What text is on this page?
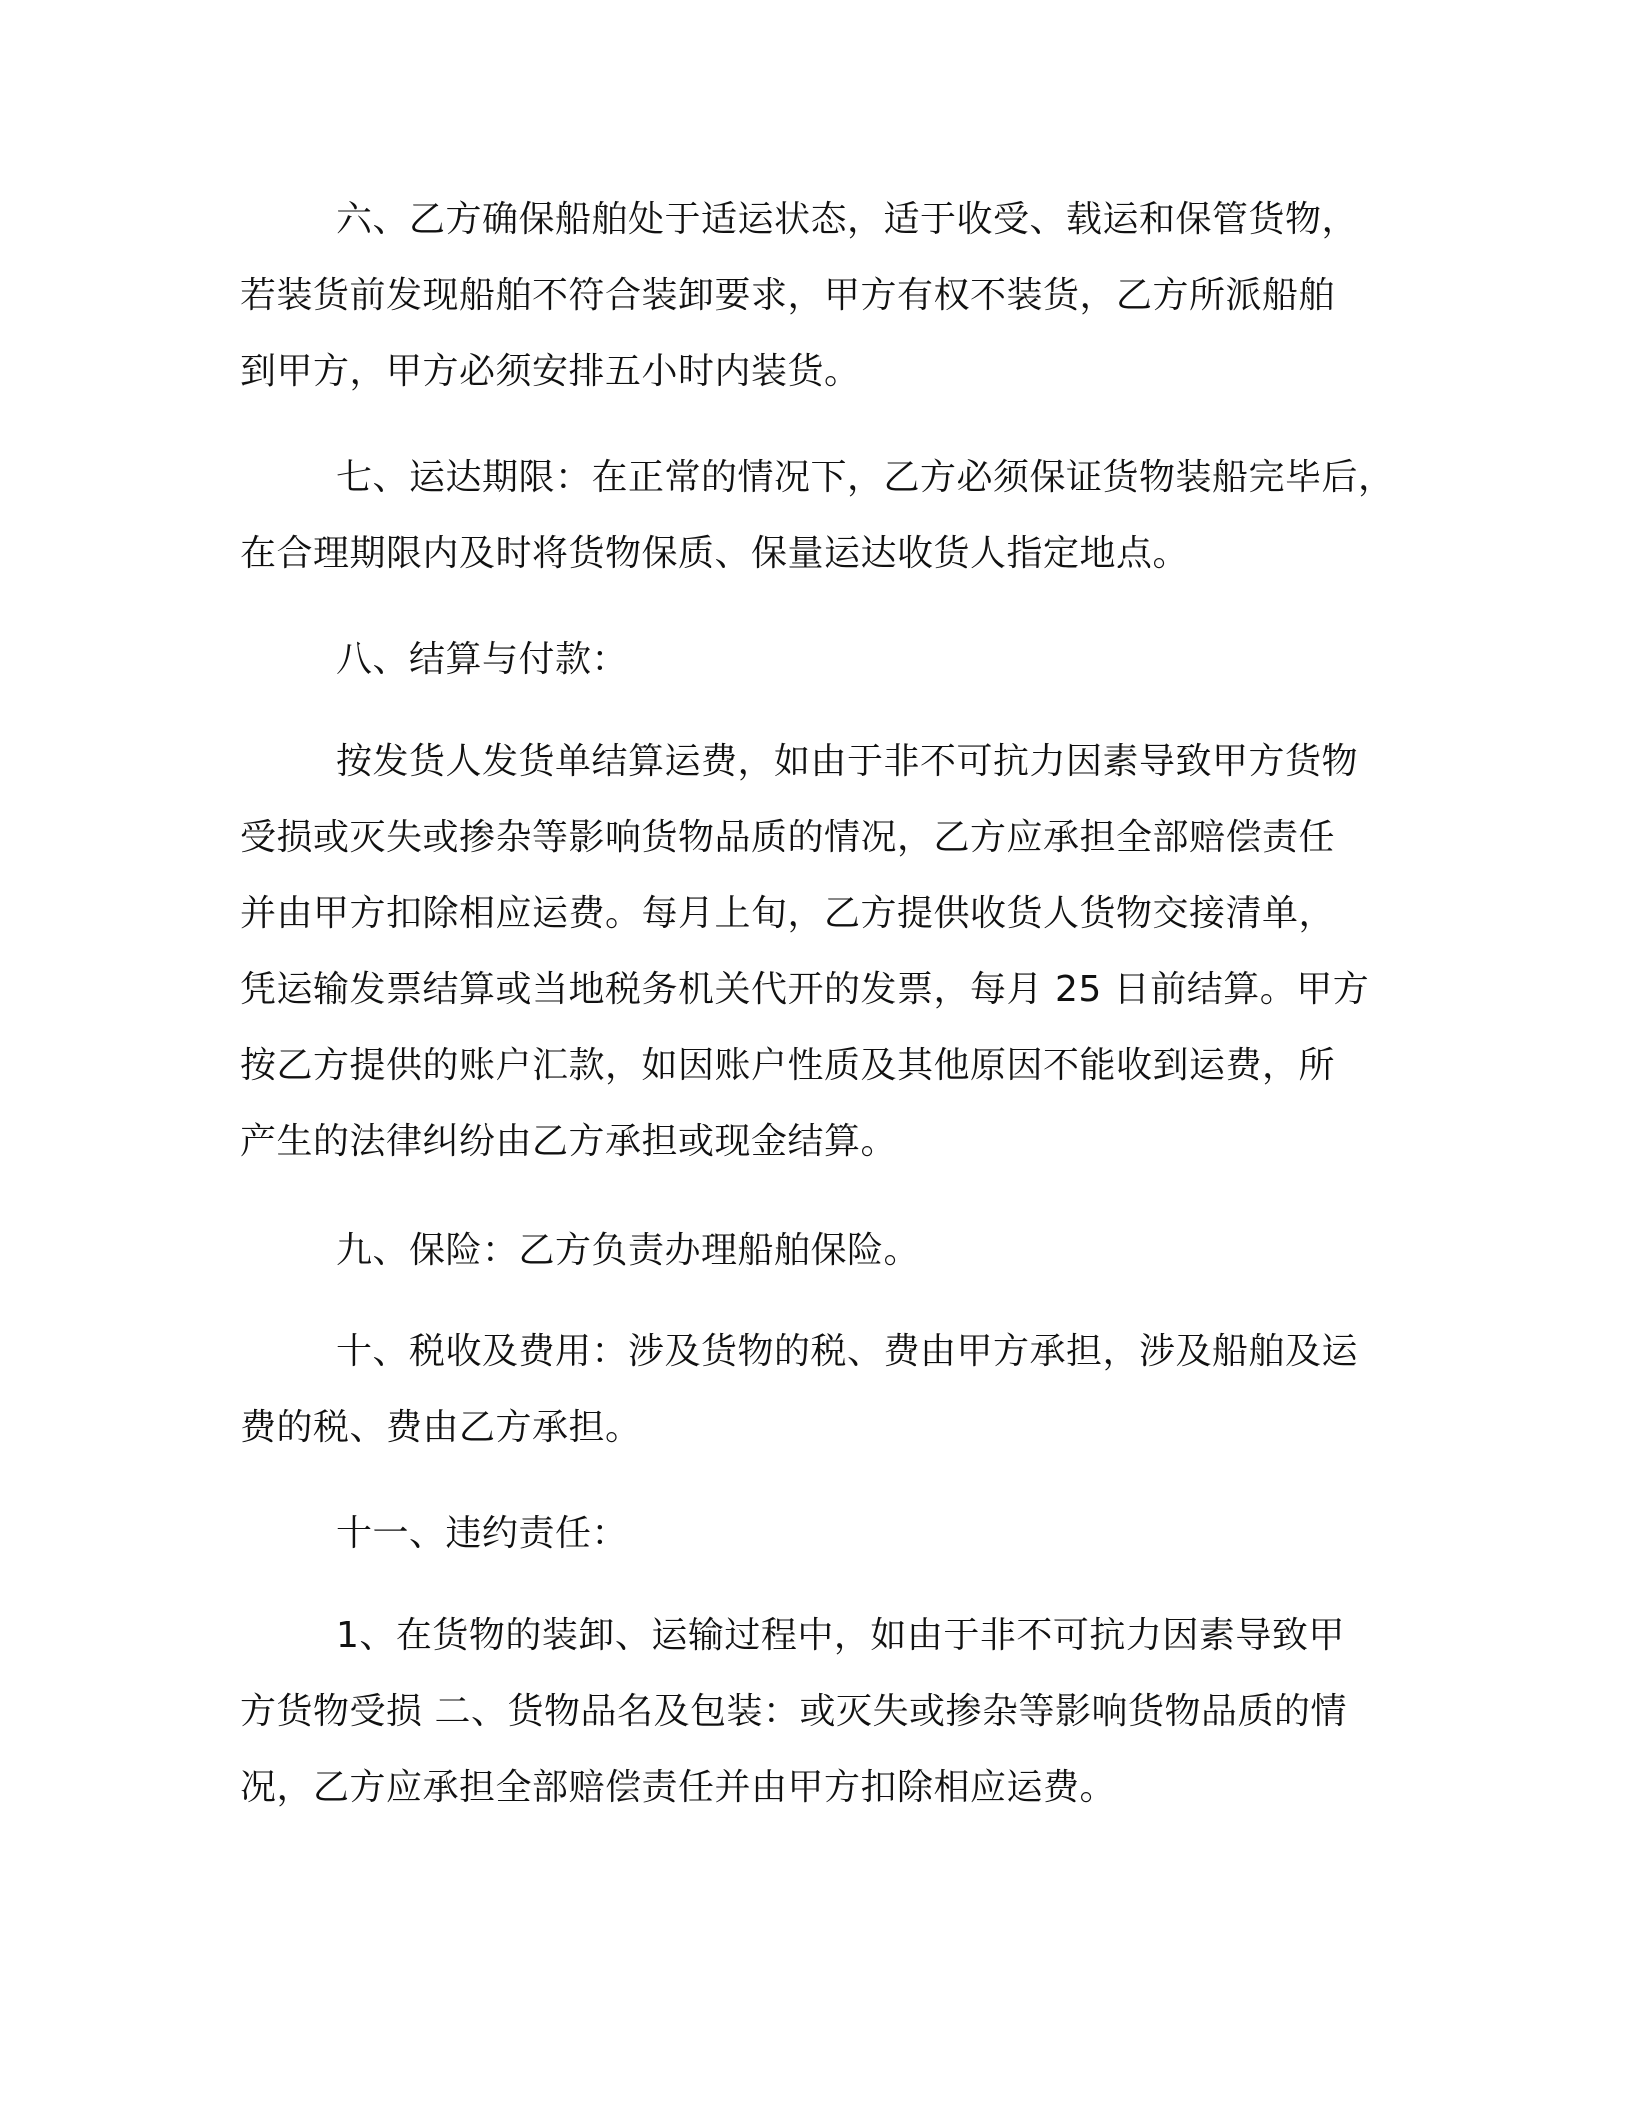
六、乙方确保船舶处于适运状态，适于收受、载运和保管货物，
若装货前发现船舶不符合装卸要求，甲方有权不装货，乙方所派船舶
到甲方，甲方必须安排五小时内装货。
七、运达期限：在正常的情况下，乙方必须保证货物装船完毕后，
在合理期限内及时将货物保质、保量运达收货人指定地点。
八、结算与付款：
按发货人发货单结算运费，如由于非不可抗力因素导致甲方货物
受损或灭失或掺杂等影响货物品质的情况，乙方应承担全部赔偿责任
并由甲方扣除相应运费。每月上旬，乙方提供收货人货物交接清单，
凭运输发票结算或当地税务机关代开的发票，每月 25 日前结算。甲方
按乙方提供的账户汇款，如因账户性质及其他原因不能收到运费，所
产生的法律纠纷由乙方承担或现金结算。
九、保险：乙方负责办理船舶保险。
十、税收及费用：涉及货物的税、费由甲方承担，涉及船舶及运
费的税、费由乙方承担。
十一、违约责任：
1、在货物的装卸、运输过程中，如由于非不可抗力因素导致甲
方货物受损 二、货物品名及包装：或灭失或掺杂等影响货物品质的情
况，乙方应承担全部赔偿责任并由甲方扣除相应运费。
